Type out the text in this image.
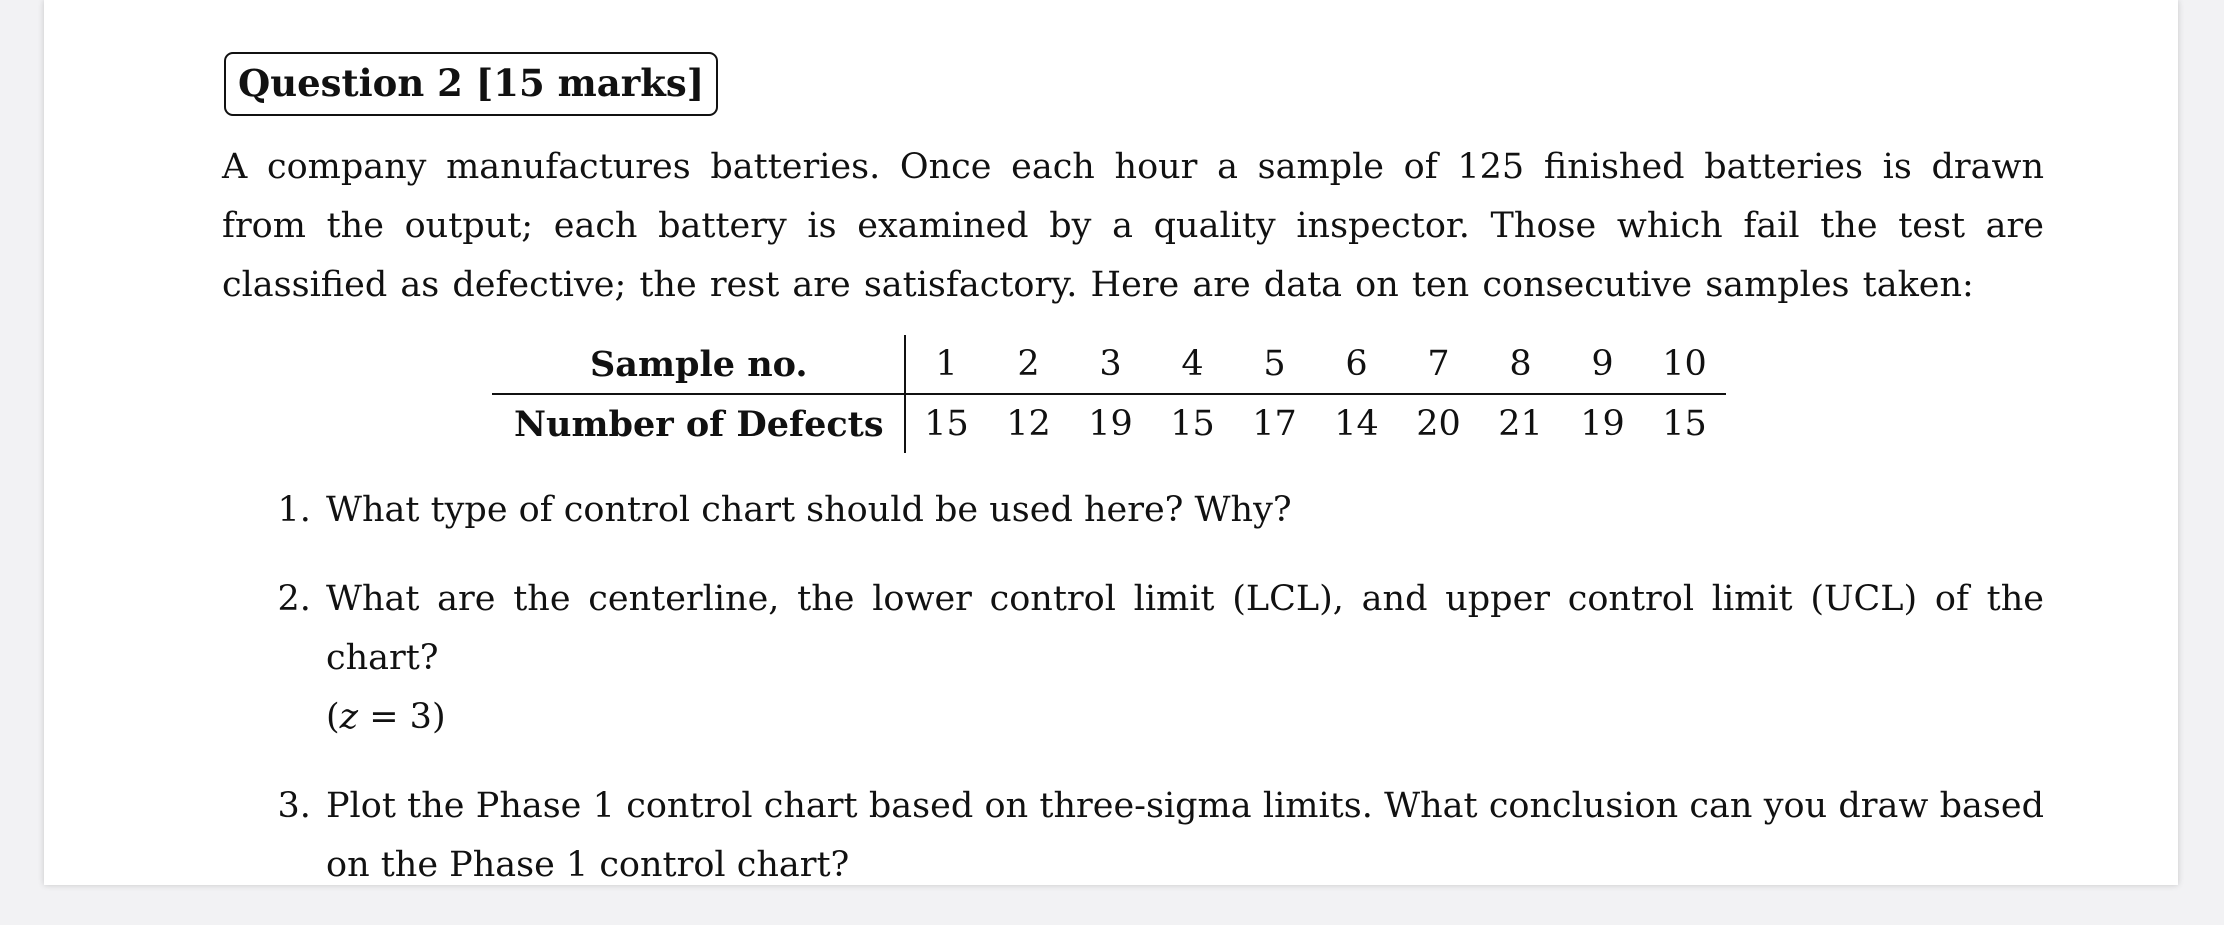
Question 2 [15 marks]
A company manufactures batteries. Once each hour a sample of 125 finished batteries is drawn from the output; each battery is examined by a quality inspector. Those which fail the test are classified as defective; the rest are satisfactory. Here are data on ten consecutive samples taken:
Sample no.	1	2	3	4	5	6	7	8	9	10
Number of Defects	15	12	19	15	17	14	20	21	19	15
1. What type of control chart should be used here? Why?
2. What are the centerline, the lower control limit (LCL), and upper control limit (UCL) of the chart?
(z = 3)
3. Plot the Phase 1 control chart based on three-sigma limits. What conclusion can you draw based on the Phase 1 control chart?
